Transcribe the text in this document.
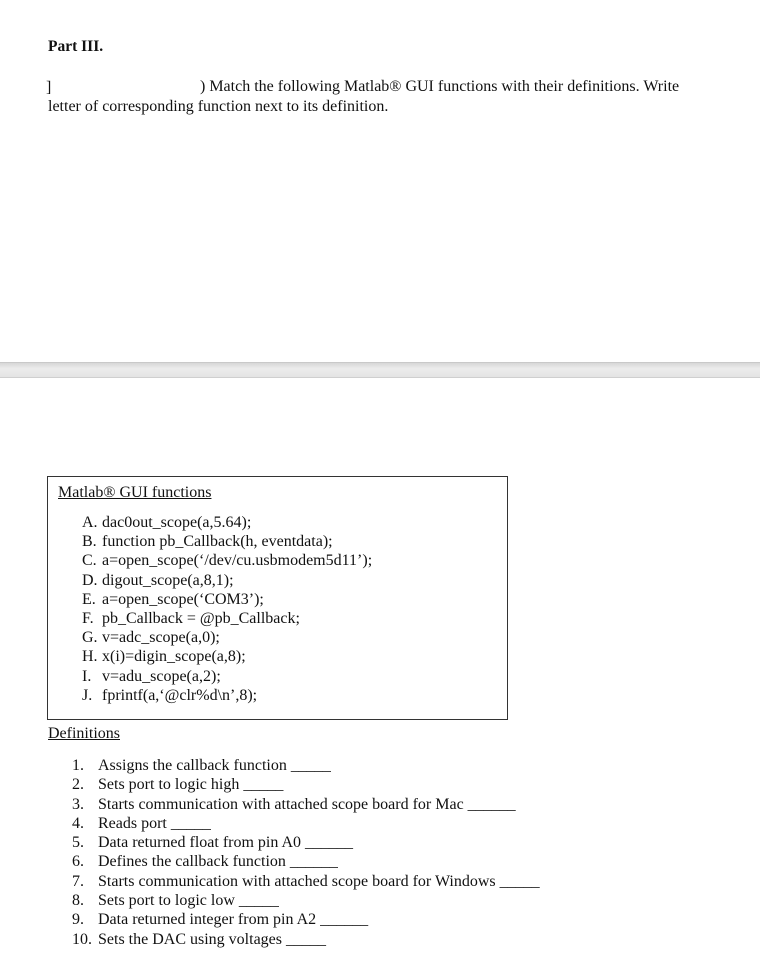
Part III.
]	) Match the following Matlab® GUI functions with their definitions. Write
letter of corresponding function next to its definition.
Matlab® GUI functions
A. dac0out_scope(a,5.64);
B. function pb_Callback(h, eventdata);
C. a=open_scope(‘/dev/cu.usbmodem5d11’);
D. digout_scope(a,8,1);
E. a=open_scope(‘COM3’);
F. pb_Callback = @pb_Callback;
G. v=adc_scope(a,0);
H. x(i)=digin_scope(a,8);
I. v=adu_scope(a,2);
J. fprintf(a,‘@clr%d\n’,8);
Definitions
1. Assigns the callback function _____
2. Sets port to logic high _____
3. Starts communication with attached scope board for Mac ______
4. Reads port _____
5. Data returned float from pin A0 ______
6. Defines the callback function ______
7. Starts communication with attached scope board for Windows _____
8. Sets port to logic low _____
9. Data returned integer from pin A2 ______
10. Sets the DAC using voltages _____
